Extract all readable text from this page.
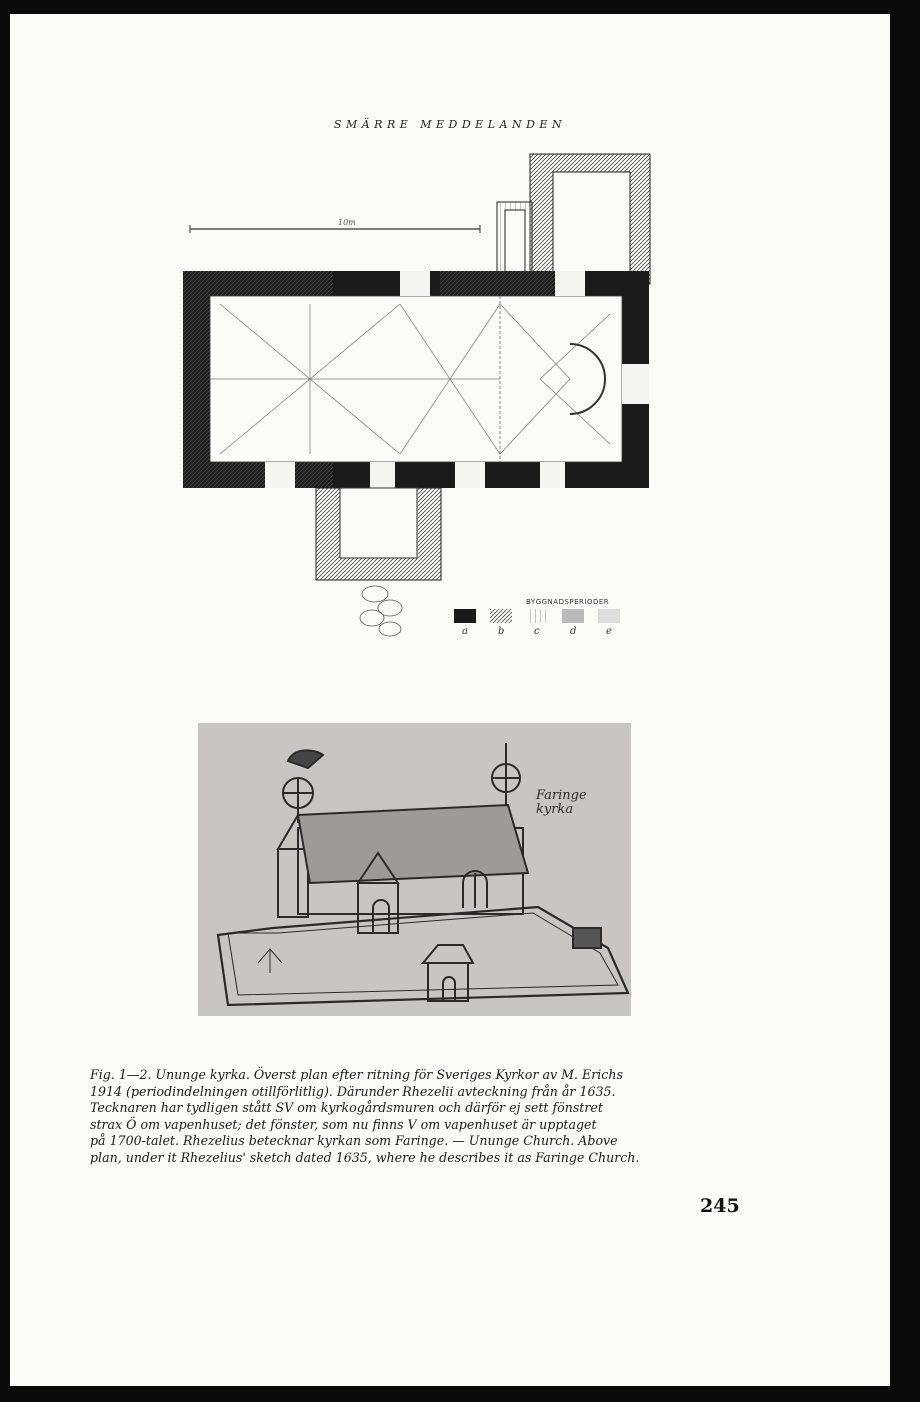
SMÄRRE MEDDELANDEN
BYGGNADSPERIODER
a	b	c	d	e
10m
Faringe kyrka
Fig. 1—2. Ununge kyrka. Överst plan efter ritning för Sveriges Kyrkor av M. Erichs
1914 (periodindelningen otillförlitlig). Därunder Rhezelii avteckning från år 1635.
Tecknaren har tydligen stått SV om kyrkogårdsmuren och därför ej sett fönstret
strax Ö om vapenhuset; det fönster, som nu finns V om vapenhuset är upptaget
på 1700-talet. Rhezelius betecknar kyrkan som Faringe. — Ununge Church. Above
plan, under it Rhezelius' sketch dated 1635, where he describes it as Faringe Church.
245
